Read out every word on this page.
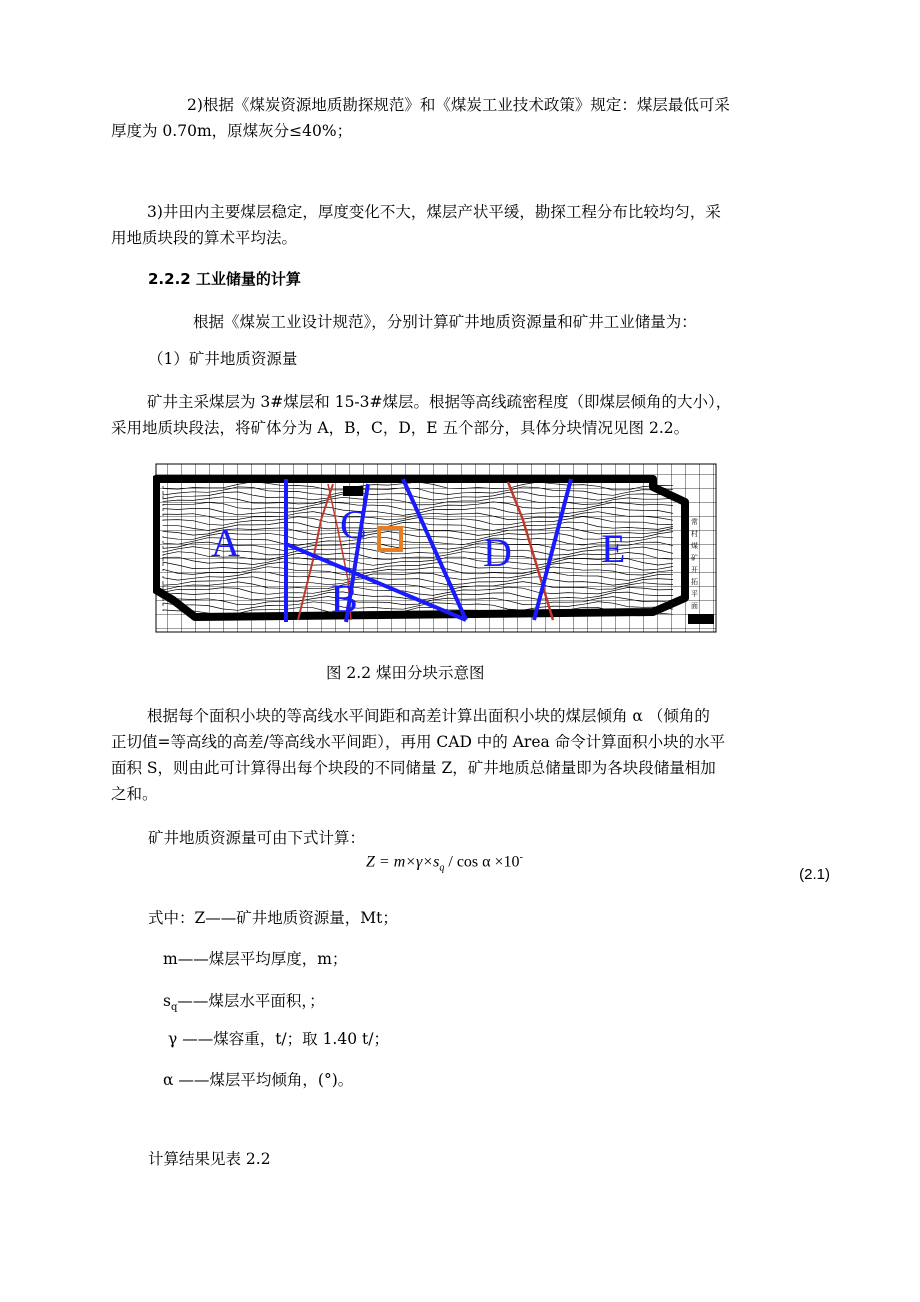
2)根据《煤炭资源地质勘探规范》和《煤炭工业技术政策》规定：煤层最低可采
厚度为 0.70m，原煤灰分≤40%；

3)井田内主要煤层稳定，厚度变化不大，煤层产状平缓，勘探工程分布比较均匀，采
用地质块段的算术平均法。

2.2.2 工业储量的计算

根据《煤炭工业设计规范》，分别计算矿井地质资源量和矿井工业储量为：

（1）矿井地质资源量

矿井主采煤层为 3#煤层和 15-3#煤层。根据等高线疏密程度（即煤层倾角的大小），
采用地质块段法，将矿体分为 A，B，C，D，E 五个部分，具体分块情况见图 2.2。

A
B
C
D E
常
村
煤
矿
开
拓
平
面
图

图 2.2 煤田分块示意图

根据每个面积小块的等高线水平间距和高差计算出面积小块的煤层倾角 α （倾角的
正切值=等高线的高差/等高线水平间距），再用 CAD 中的 Area 命令计算面积小块的水平
面积 S，则由此可计算得出每个块段的不同储量 Z，矿井地质总储量即为各块段储量相加
之和。

矿井地质资源量可由下式计算：

$Z = m\times\gamma\times s_q / \cos \alpha \times 10^-$
(2.1)
式中：Z——矿井地质资源量，Mt；
m——煤层平均厚度，m；
$s_q——$煤层水平面积，；
γ ——煤容重，t/；取 1.40 t/；
α ——煤层平均倾角，(°)。

计算结果见表 2.2
